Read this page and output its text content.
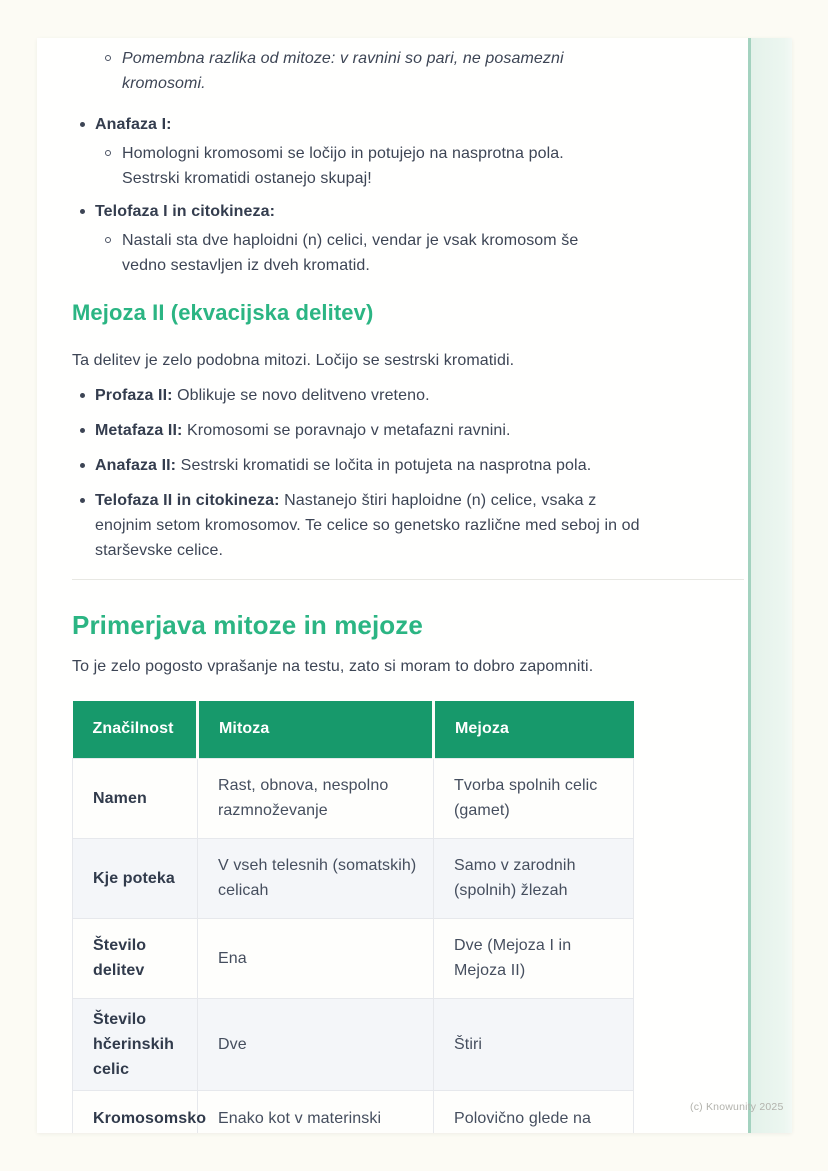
Pomembna razlika od mitoze: v ravnini so pari, ne posamezni kromosomi.
Anafaza I:
Homologni kromosomi se ločijo in potujejo na nasprotna pola. Sestrski kromatidi ostanejo skupaj!
Telofaza I in citokineza:
Nastali sta dve haploidni (n) celici, vendar je vsak kromosom še vedno sestavljen iz dveh kromatid.
Mejoza II (ekvacijska delitev)

Ta delitev je zelo podobna mitozi. Ločijo se sestrski kromatidi.

Profaza II: Oblikuje se novo delitveno vreteno.
Metafaza II: Kromosomi se poravnajo v metafazni ravnini.
Anafaza II: Sestrski kromatidi se ločita in potujeta na nasprotna pola.
Telofaza II in citokineza: Nastanejo štiri haploidne (n) celice, vsaka z enojnim setom kromosomov. Te celice so genetsko različne med seboj in od starševske celice.
Primerjava mitoze in mejoze

To je zelo pogosto vprašanje na testu, zato si moram to dobro zapomniti.

Značilnost	Mitoza	Mejoza
Namen	Rast, obnova, nespolno razmnoževanje	Tvorba spolnih celic (gamet)
Kje poteka	V vseh telesnih (somatskih) celicah	Samo v zarodnih (spolnih) žlezah
Število delitev	Ena	Dve (Mejoza I in Mejoza II)
Število hčerinskih celic	Dve	Štiri
Kromosomsko	Enako kot v materinski	Polovično glede na
(c) Knowunity 2025
